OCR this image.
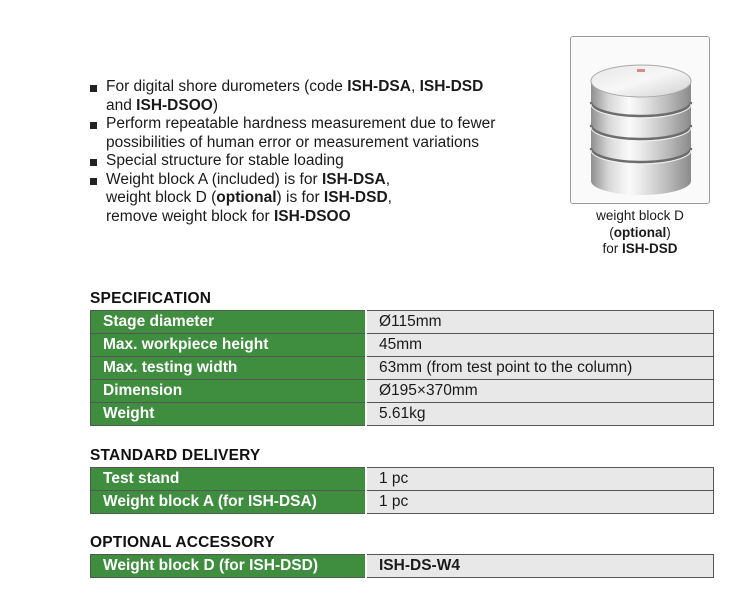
For digital shore durometers (code ISH-DSA, ISH-DSD
and ISH-DSOO)
Perform repeatable hardness measurement due to fewer
possibilities of human error or measurement variations
Special structure for stable loading
Weight block A (included) is for ISH-DSA,
weight block D (optional) is for ISH-DSD,
remove weight block for ISH-DSOO	weight block D
(optional)
for ISH-DSD
SPECIFICATION
Stage diameter	Ø115mm
Max. workpiece height	45mm
Max. testing width	63mm (from test point to the column)
Dimension	Ø195×370mm
Weight	5.61kg
STANDARD DELIVERY
Test stand	1 pc
Weight block A (for ISH-DSA)	1 pc
OPTIONAL ACCESSORY
Weight block D (for ISH-DSD)	ISH-DS-W4
